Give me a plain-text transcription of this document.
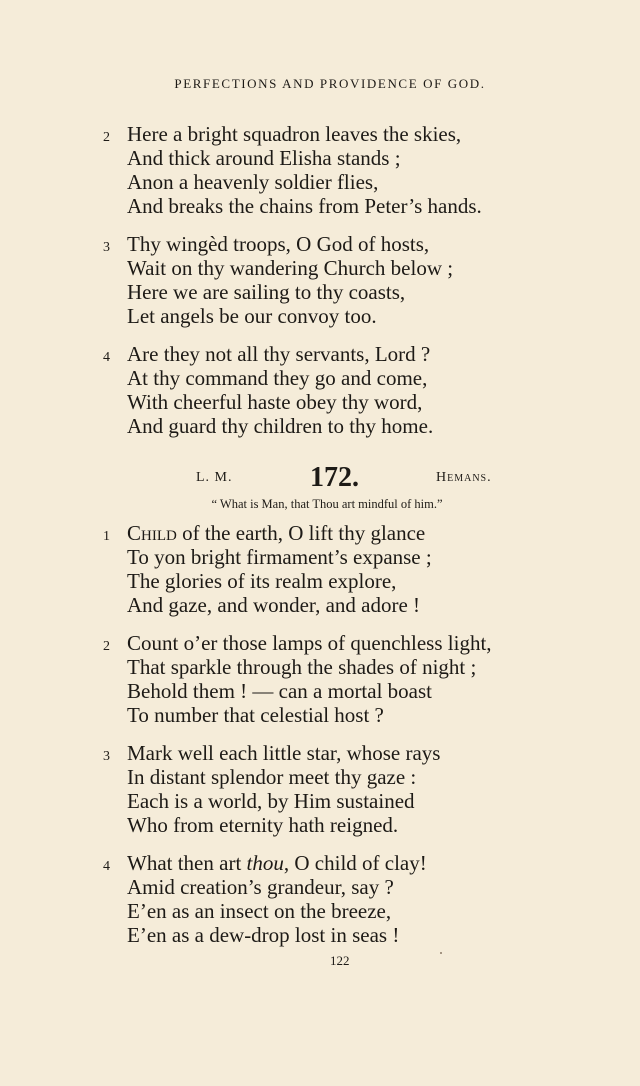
PERFECTIONS AND PROVIDENCE OF GOD.
2 Here a bright squadron leaves the skies,
And thick around Elisha stands ;
Anon a heavenly soldier flies,
And breaks the chains from Peter’s hands.
3 Thy wingèd troops, O God of hosts,
Wait on thy wandering Church below ;
Here we are sailing to thy coasts,
Let angels be our convoy too.
4 Are they not all thy servants, Lord ?
At thy command they go and come,
With cheerful haste obey thy word,
And guard thy children to thy home.
L. M.	172.	Hemans.
“ What is Man, that Thou art mindful of him.”
1 Child of the earth, O lift thy glance
To yon bright firmament’s expanse ;
The glories of its realm explore,
And gaze, and wonder, and adore !
2 Count o’er those lamps of quenchless light,
That sparkle through the shades of night ;
Behold them ! — can a mortal boast
To number that celestial host ?
3 Mark well each little star, whose rays
In distant splendor meet thy gaze :
Each is a world, by Him sustained
Who from eternity hath reigned.
4 What then art thou, O child of clay!
Amid creation’s grandeur, say ?
E’en as an insect on the breeze,
E’en as a dew-drop lost in seas !
122
